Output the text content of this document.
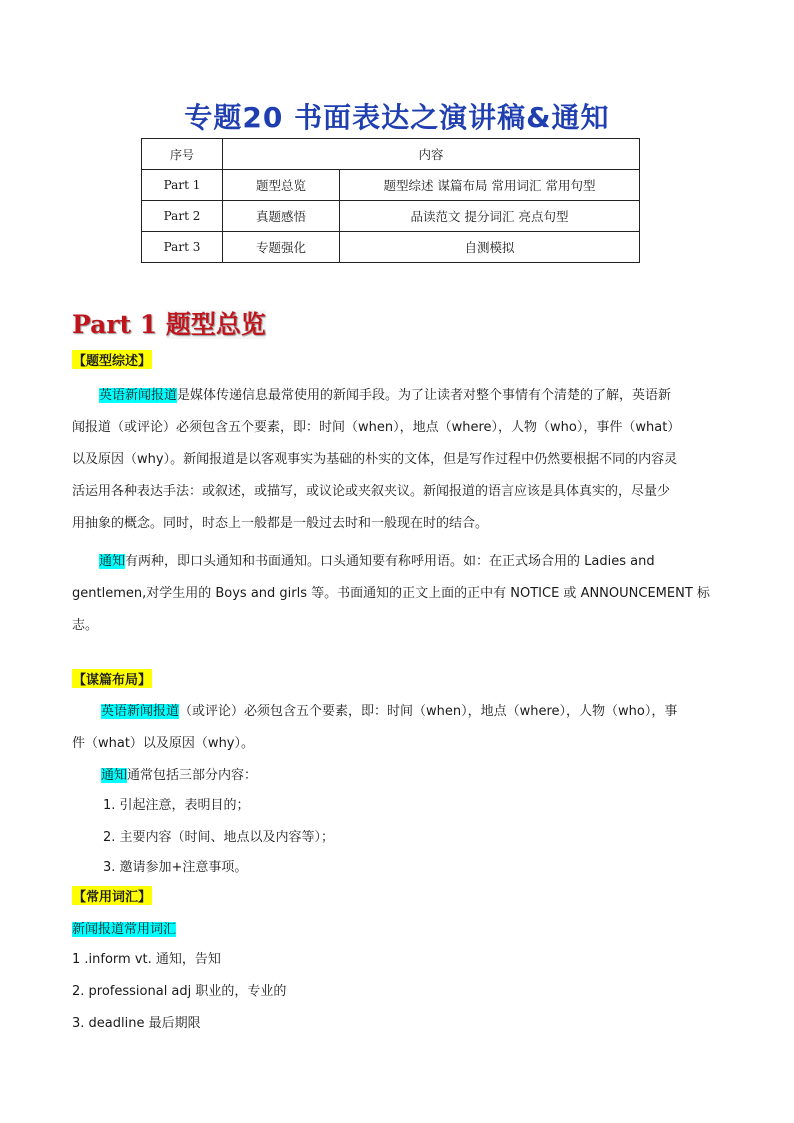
专题20 书面表达之演讲稿&通知
序号	内容	
Part 1	题型总览	题型综述 谋篇布局 常用词汇 常用句型
Part 2	真题感悟	品读范文 提分词汇 亮点句型
Part 3	专题强化	自测模拟
Part 1 题型总览
【题型综述】
英语新闻报道是媒体传递信息最常使用的新闻手段。为了让读者对整个事情有个清楚的了解，英语新
闻报道（或评论）必须包含五个要素，即：时间（when），地点（where），人物（who），事件（what）
以及原因（why）。新闻报道是以客观事实为基础的朴实的文体，但是写作过程中仍然要根据不同的内容灵
活运用各种表达手法：或叙述，或描写，或议论或夹叙夹议。新闻报道的语言应该是具体真实的，尽量少
用抽象的概念。同时，时态上一般都是一般过去时和一般现在时的结合。
通知有两种，即口头通知和书面通知。口头通知要有称呼用语。如：在正式场合用的 Ladies and
gentlemen,对学生用的 Boys and girls 等。书面通知的正文上面的正中有 NOTICE 或 ANNOUNCEMENT 标
志。
【谋篇布局】
英语新闻报道（或评论）必须包含五个要素，即：时间（when），地点（where），人物（who），事
件（what）以及原因（why）。
通知通常包括三部分内容：
1. 引起注意，表明目的；
2. 主要内容（时间、地点以及内容等）；
3. 邀请参加+注意事项。
【常用词汇】
新闻报道常用词汇
1 .inform vt. 通知，告知
2. professional adj 职业的，专业的
3. deadline 最后期限
